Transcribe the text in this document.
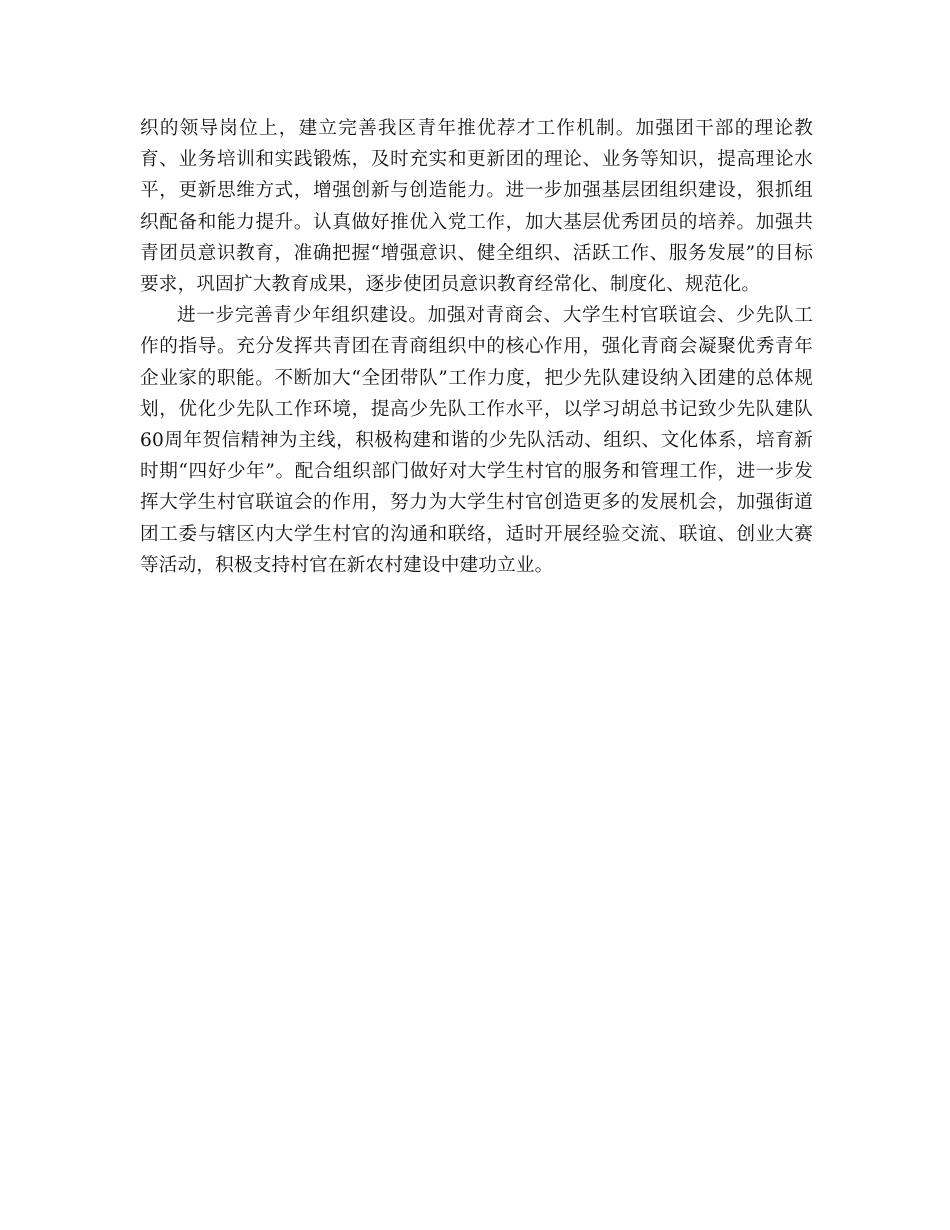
织的领导岗位上，建立完善我区青年推优荐才工作机制。加强团干部的理论教育、业务培训和实践锻炼，及时充实和更新团的理论、业务等知识，提高理论水平，更新思维方式，增强创新与创造能力。进一步加强基层团组织建设，狠抓组织配备和能力提升。认真做好推优入党工作，加大基层优秀团员的培养。加强共青团员意识教育，准确把握“增强意识、健全组织、活跃工作、服务发展”的目标要求，巩固扩大教育成果，逐步使团员意识教育经常化、制度化、规范化。

进一步完善青少年组织建设。加强对青商会、大学生村官联谊会、少先队工作的指导。充分发挥共青团在青商组织中的核心作用，强化青商会凝聚优秀青年企业家的职能。不断加大“全团带队”工作力度，把少先队建设纳入团建的总体规划，优化少先队工作环境，提高少先队工作水平，以学习胡总书记致少先队建队60周年贺信精神为主线，积极构建和谐的少先队活动、组织、文化体系，培育新时期“四好少年”。配合组织部门做好对大学生村官的服务和管理工作，进一步发挥大学生村官联谊会的作用，努力为大学生村官创造更多的发展机会，加强街道团工委与辖区内大学生村官的沟通和联络，适时开展经验交流、联谊、创业大赛等活动，积极支持村官在新农村建设中建功立业。
